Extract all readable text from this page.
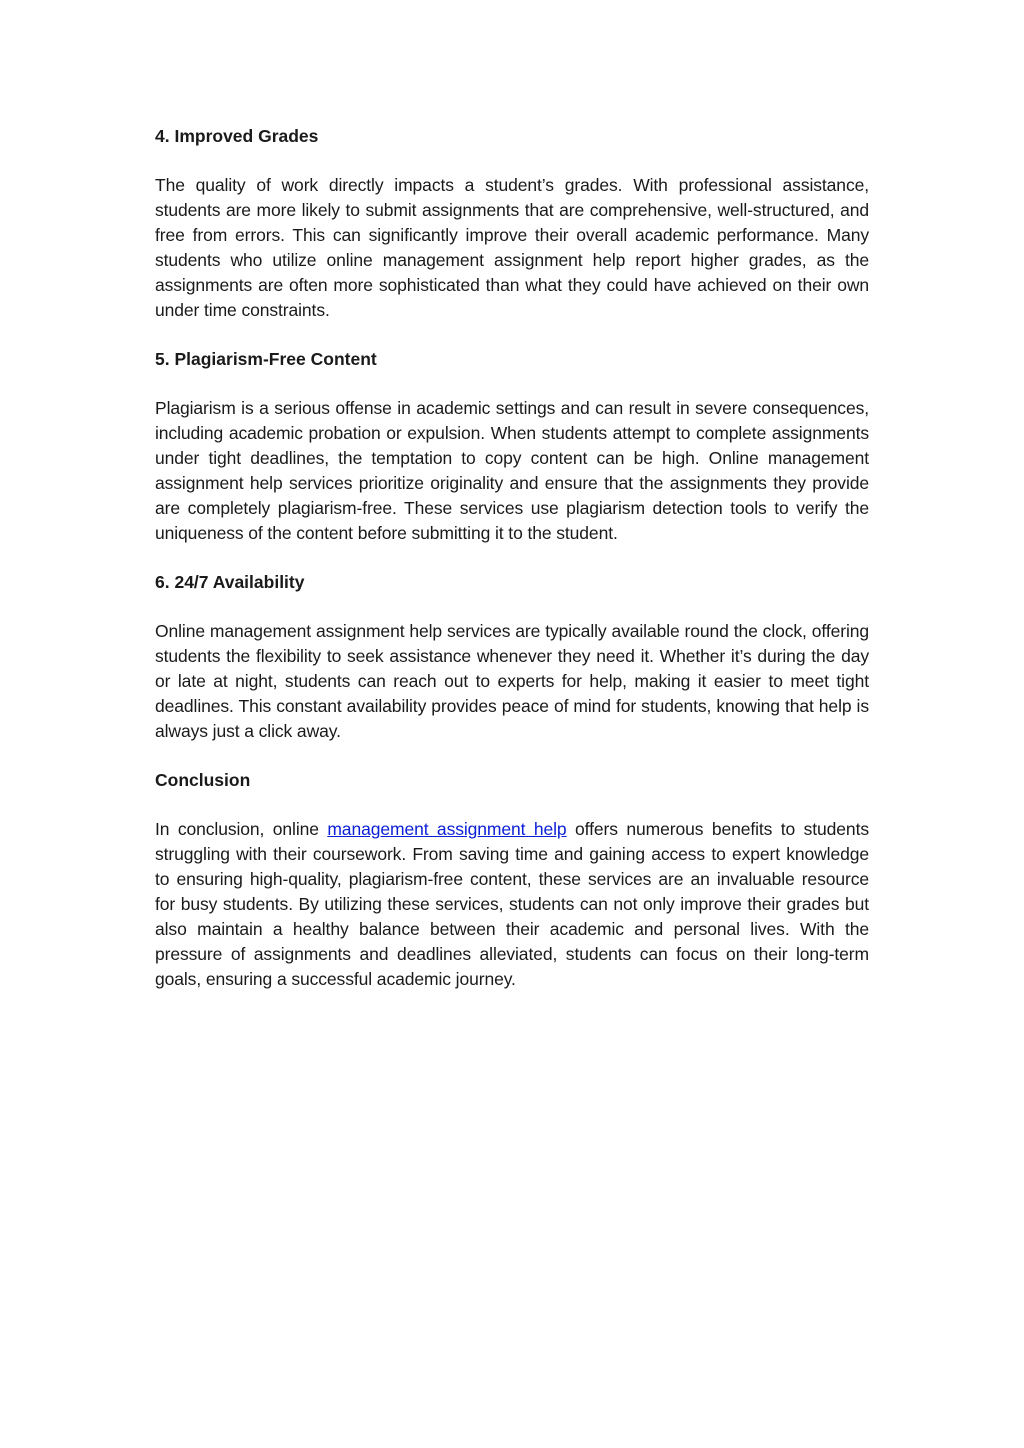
4. Improved Grades

The quality of work directly impacts a student’s grades. With professional assistance, students are more likely to submit assignments that are comprehensive, well-structured, and free from errors. This can significantly improve their overall academic performance. Many students who utilize online management assignment help report higher grades, as the assignments are often more sophisticated than what they could have achieved on their own under time constraints.

5. Plagiarism-Free Content

Plagiarism is a serious offense in academic settings and can result in severe consequences, including academic probation or expulsion. When students attempt to complete assignments under tight deadlines, the temptation to copy content can be high. Online management assignment help services prioritize originality and ensure that the assignments they provide are completely plagiarism-free. These services use plagiarism detection tools to verify the uniqueness of the content before submitting it to the student.

6. 24/7 Availability

Online management assignment help services are typically available round the clock, offering students the flexibility to seek assistance whenever they need it. Whether it’s during the day or late at night, students can reach out to experts for help, making it easier to meet tight deadlines. This constant availability provides peace of mind for students, knowing that help is always just a click away.

Conclusion

In conclusion, online management assignment help offers numerous benefits to students struggling with their coursework. From saving time and gaining access to expert knowledge to ensuring high-quality, plagiarism-free content, these services are an invaluable resource for busy students. By utilizing these services, students can not only improve their grades but also maintain a healthy balance between their academic and personal lives. With the pressure of assignments and deadlines alleviated, students can focus on their long-term goals, ensuring a successful academic journey.
